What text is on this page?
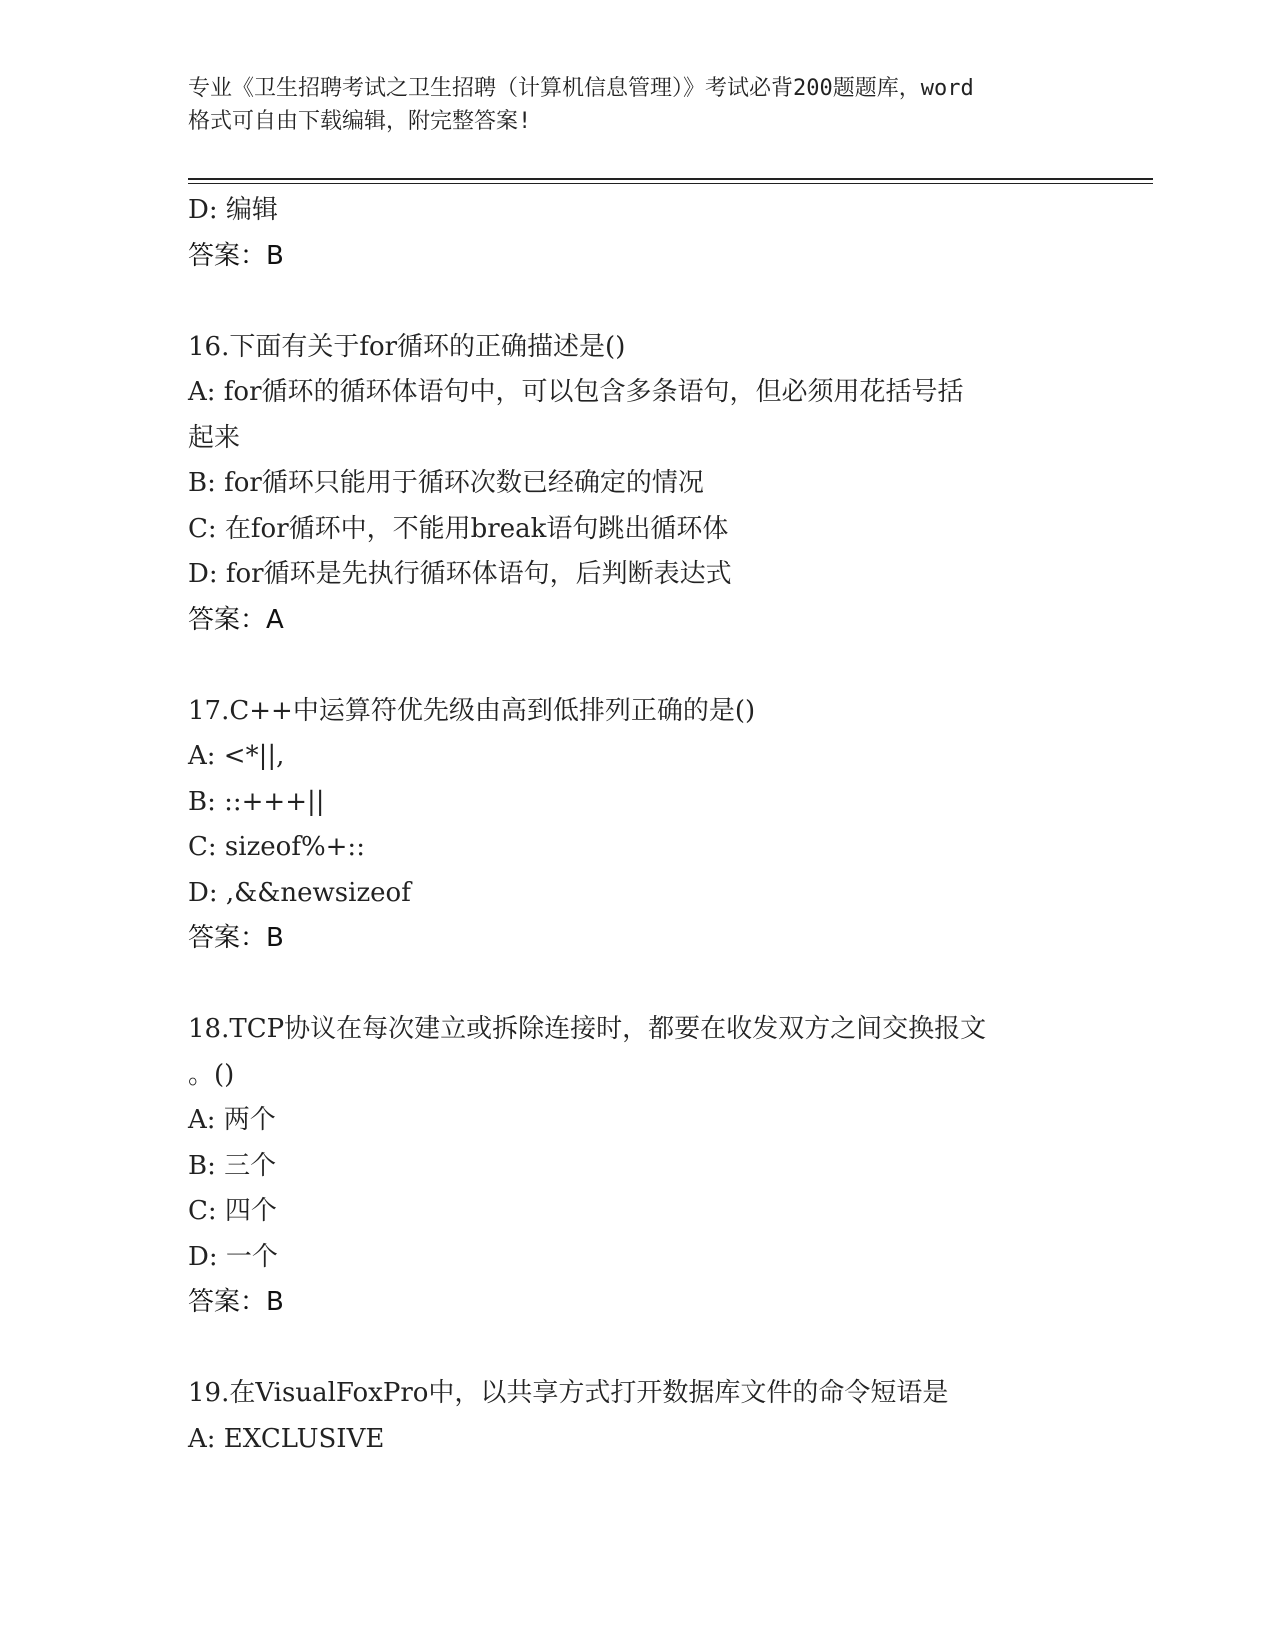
专业《卫生招聘考试之卫生招聘（计算机信息管理）》考试必背200题题库，word
格式可自由下载编辑，附完整答案!
D: 编辑
答案：B
16.下面有关于for循环的正确描述是()
A: for循环的循环体语句中，可以包含多条语句，但必须用花括号括
起来
B: for循环只能用于循环次数已经确定的情况
C: 在for循环中，不能用break语句跳出循环体
D: for循环是先执行循环体语句，后判断表达式
答案：A
17.C++中运算符优先级由高到低排列正确的是()
A: <*||,
B: ::+++||
C: sizeof%+::
D: ,&&newsizeof
答案：B
18.TCP协议在每次建立或拆除连接时，都要在收发双方之间交换报文
。()
A: 两个
B: 三个
C: 四个
D: 一个
答案：B
19.在VisualFoxPro中，以共享方式打开数据库文件的命令短语是
A: EXCLUSIVE
